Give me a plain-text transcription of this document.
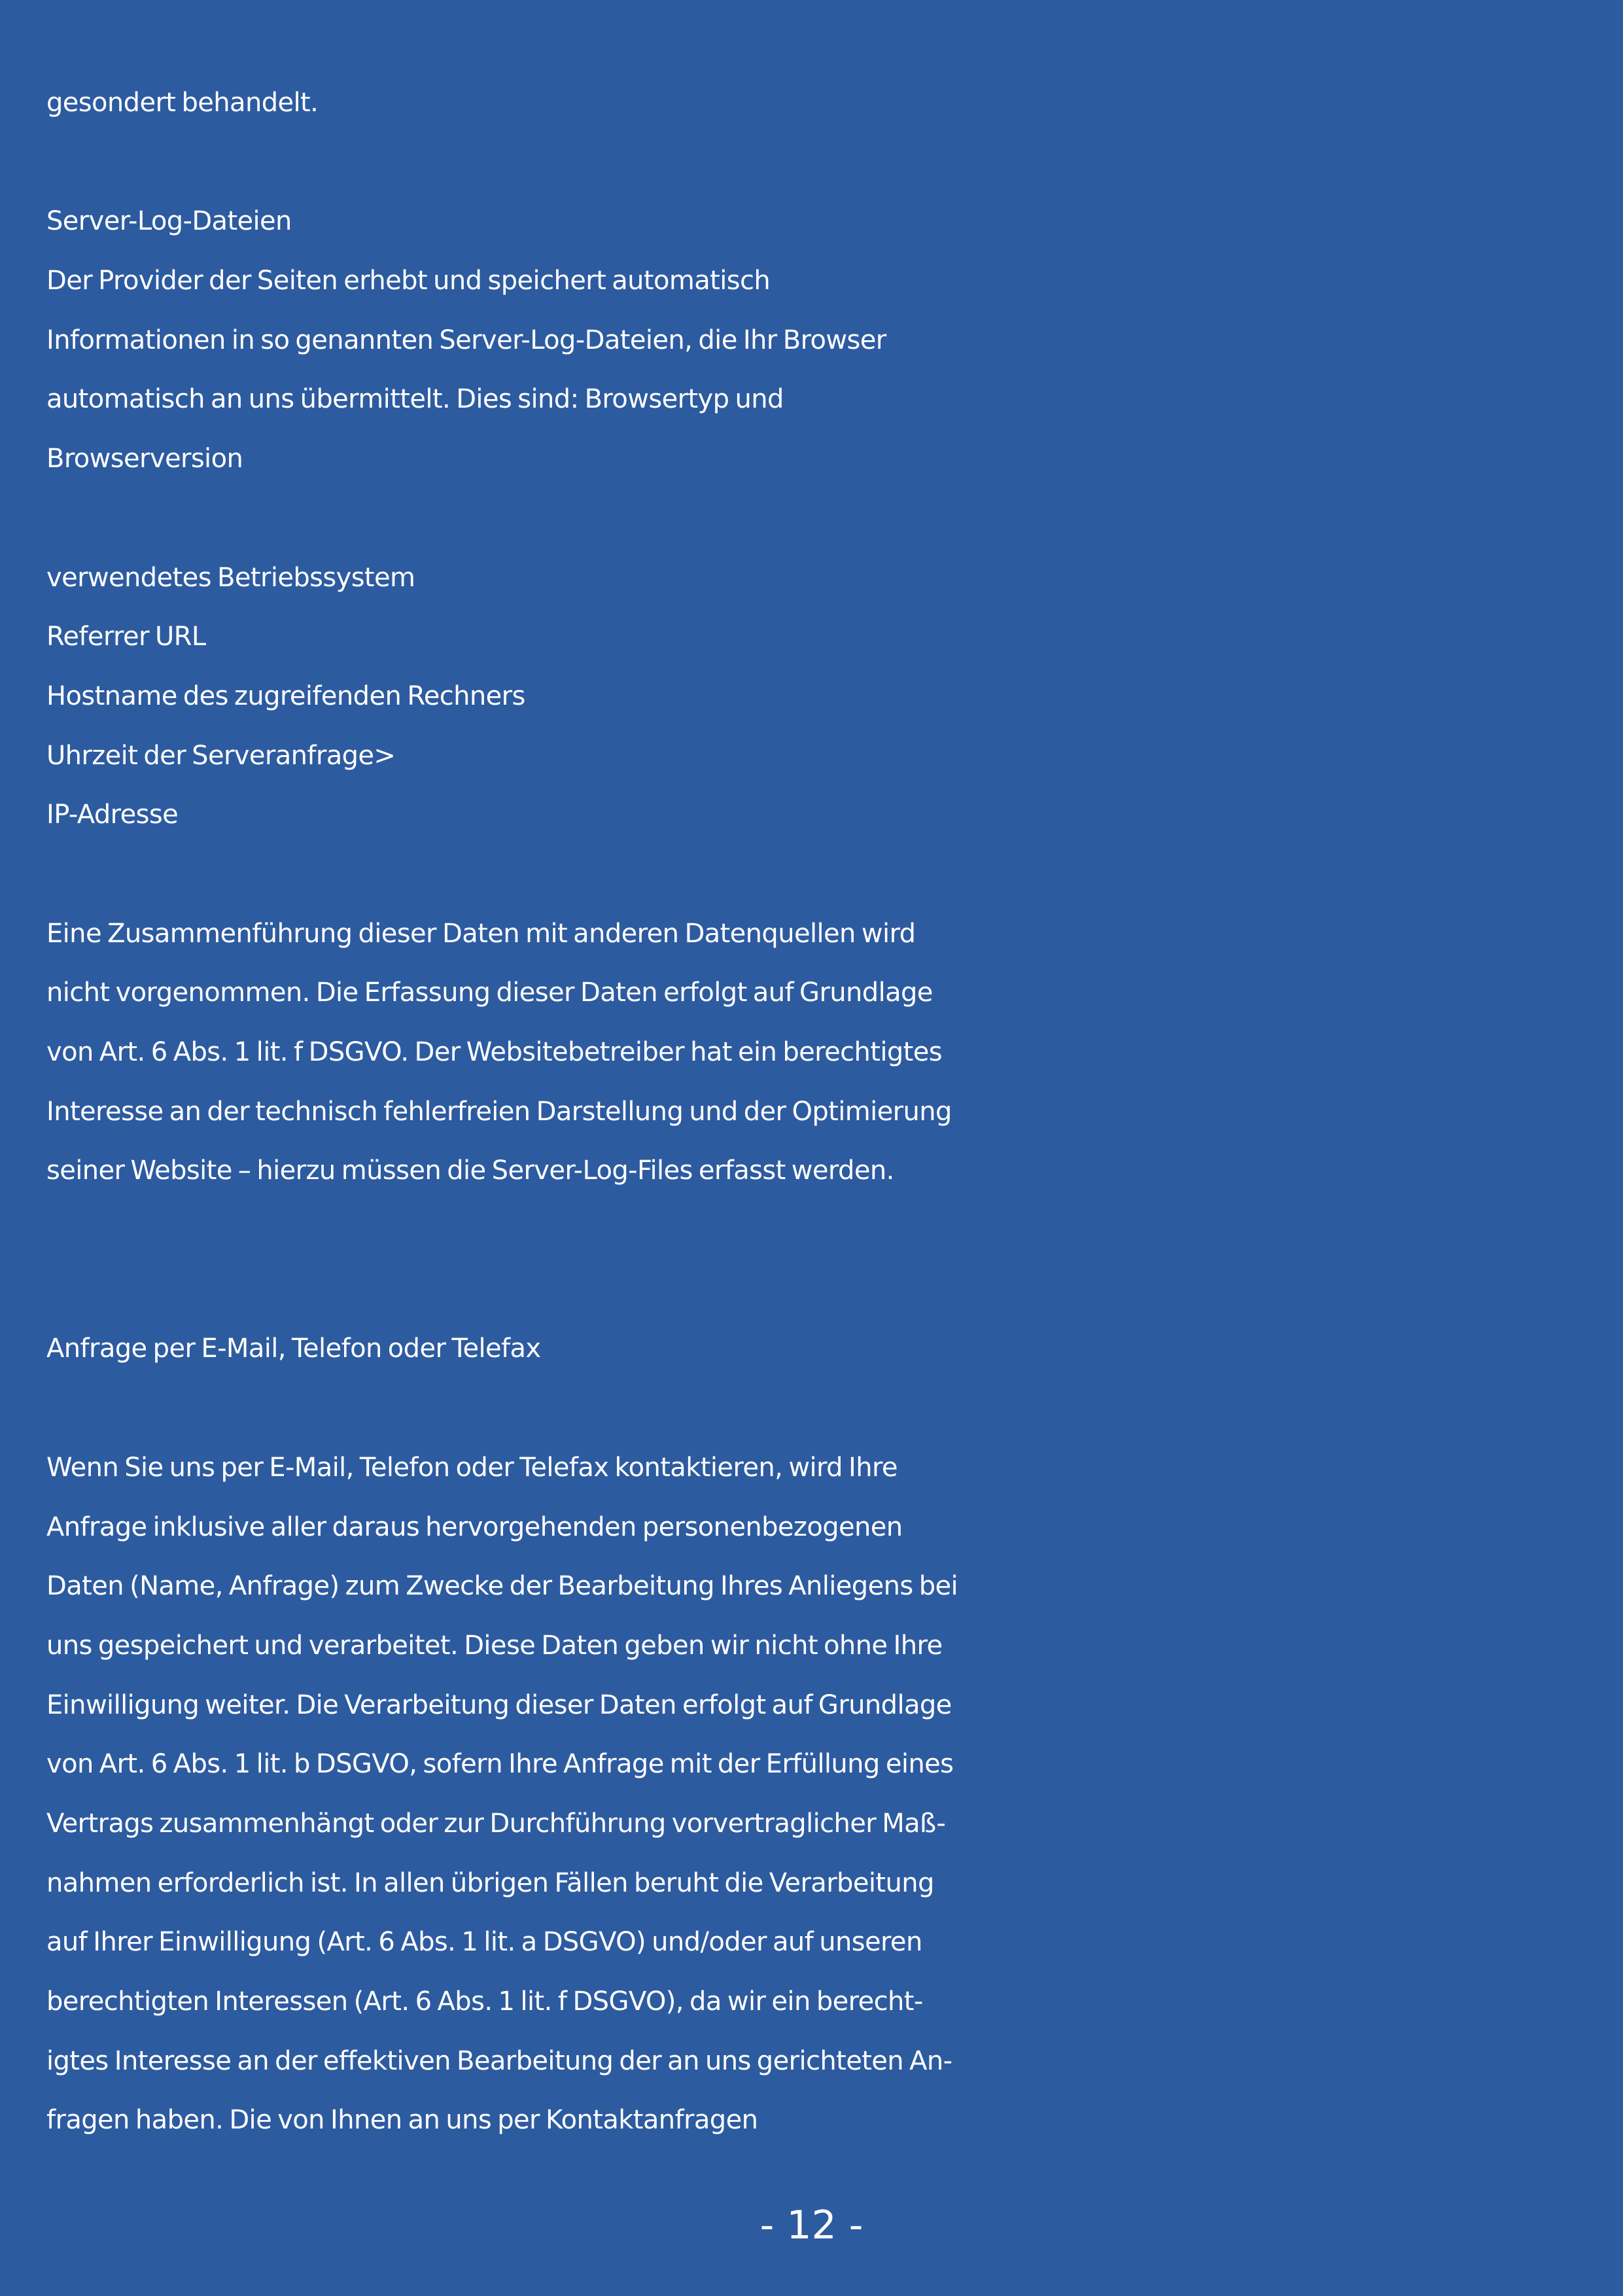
gesondert behandelt.
Server-Log-Dateien
Der Provider der Seiten erhebt und speichert automatisch
Informationen in so genannten Server-Log-Dateien, die Ihr Browser
automatisch an uns übermittelt. Dies sind: Browsertyp und
Browserversion
verwendetes Betriebssystem
Referrer URL
Hostname des zugreifenden Rechners
Uhrzeit der Serveranfrage>
IP-Adresse
Eine Zusammenführung dieser Daten mit anderen Datenquellen wird
nicht vorgenommen. Die Erfassung dieser Daten erfolgt auf Grundlage
von Art. 6 Abs. 1 lit. f DSGVO. Der Websitebetreiber hat ein berechtigtes
Interesse an der technisch fehlerfreien Darstellung und der Optimierung
seiner Website – hierzu müssen die Server-Log-Files erfasst werden.
Anfrage per E-Mail, Telefon oder Telefax
Wenn Sie uns per E-Mail, Telefon oder Telefax kontaktieren, wird Ihre
Anfrage inklusive aller daraus hervorgehenden personenbezogenen
Daten (Name, Anfrage) zum Zwecke der Bearbeitung Ihres Anliegens bei
uns gespeichert und verarbeitet. Diese Daten geben wir nicht ohne Ihre
Einwilligung weiter. Die Verarbeitung dieser Daten erfolgt auf Grundlage
von Art. 6 Abs. 1 lit. b DSGVO, sofern Ihre Anfrage mit der Erfüllung eines
Vertrags zusammenhängt oder zur Durchführung vorvertraglicher Maß-
nahmen erforderlich ist. In allen übrigen Fällen beruht die Verarbeitung
auf Ihrer Einwilligung (Art. 6 Abs. 1 lit. a DSGVO) und/oder auf unseren
berechtigten Interessen (Art. 6 Abs. 1 lit. f DSGVO), da wir ein berecht-
igtes Interesse an der effektiven Bearbeitung der an uns gerichteten An-
fragen haben. Die von Ihnen an uns per Kontaktanfragen
- 12 -
